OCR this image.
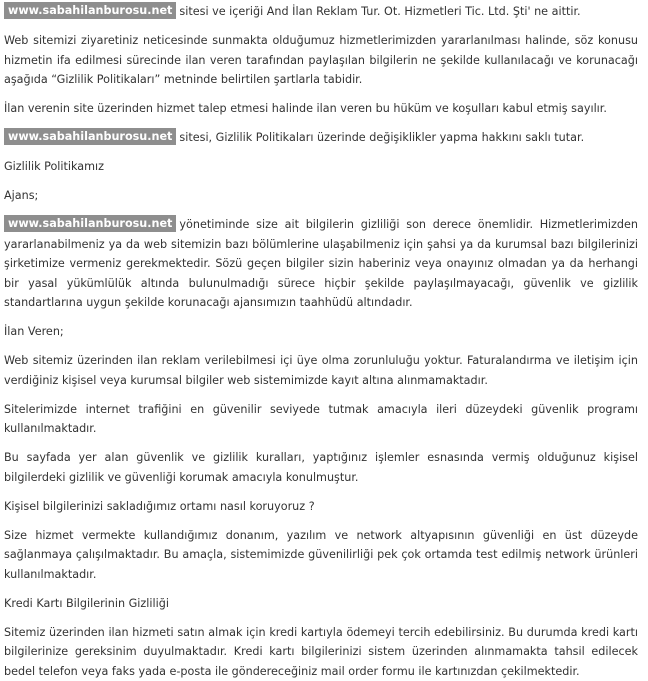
www.sabahilanburosu.net sitesi ve içeriği And İlan Reklam Tur. Ot. Hizmetleri Tic. Ltd. Şti' ne aittir.

Web sitemizi ziyaretiniz neticesinde sunmakta olduğumuz hizmetlerimizden yararlanılması halinde, söz konusu hizmetin ifa edilmesi sürecinde ilan veren tarafından paylaşılan bilgilerin ne şekilde kullanılacağı ve korunacağı aşağıda “Gizlilik Politikaları” metninde belirtilen şartlarla tabidir.

İlan verenin site üzerinden hizmet talep etmesi halinde ilan veren bu hüküm ve koşulları kabul etmiş sayılır.

www.sabahilanburosu.net sitesi, Gizlilik Politikaları üzerinde değişiklikler yapma hakkını saklı tutar.

Gizlilik Politikamız

Ajans;

www.sabahilanburosu.net yönetiminde size ait bilgilerin gizliliği son derece önemlidir. Hizmetlerimizden yararlanabilmeniz ya da web sitemizin bazı bölümlerine ulaşabilmeniz için şahsi ya da kurumsal bazı bilgilerinizi şirketimize vermeniz gerekmektedir. Sözü geçen bilgiler sizin haberiniz veya onayınız olmadan ya da herhangi bir yasal yükümlülük altında bulunulmadığı sürece hiçbir şekilde paylaşılmayacağı, güvenlik ve gizlilik standartlarına uygun şekilde korunacağı ajansımızın taahhüdü altındadır.

İlan Veren;

Web sitemiz üzerinden ilan reklam verilebilmesi içi üye olma zorunluluğu yoktur. Faturalandırma ve iletişim için verdiğiniz kişisel veya kurumsal bilgiler web sistemimizde kayıt altına alınmamaktadır.

Sitelerimizde internet trafiğini en güvenilir seviyede tutmak amacıyla ileri düzeydeki güvenlik programı kullanılmaktadır.

Bu sayfada yer alan güvenlik ve gizlilik kuralları, yaptığınız işlemler esnasında vermiş olduğunuz kişisel bilgilerdeki gizlilik ve güvenliği korumak amacıyla konulmuştur.

Kişisel bilgilerinizi sakladığımız ortamı nasıl koruyoruz ?

Size hizmet vermekte kullandığımız donanım, yazılım ve network altyapısının güvenliği en üst düzeyde sağlanmaya çalışılmaktadır. Bu amaçla, sistemimizde güvenilirliği pek çok ortamda test edilmiş network ürünleri kullanılmaktadır.

Kredi Kartı Bilgilerinin Gizliliği

Sitemiz üzerinden ilan hizmeti satın almak için kredi kartıyla ödemeyi tercih edebilirsiniz. Bu durumda kredi kartı bilgilerinize gereksinim duyulmaktadır. Kredi kartı bilgilerinizi sistem üzerinden alınmamakta tahsil edilecek bedel telefon veya faks yada e-posta ile göndereceğiniz mail order formu ile kartınızdan çekilmektedir.
